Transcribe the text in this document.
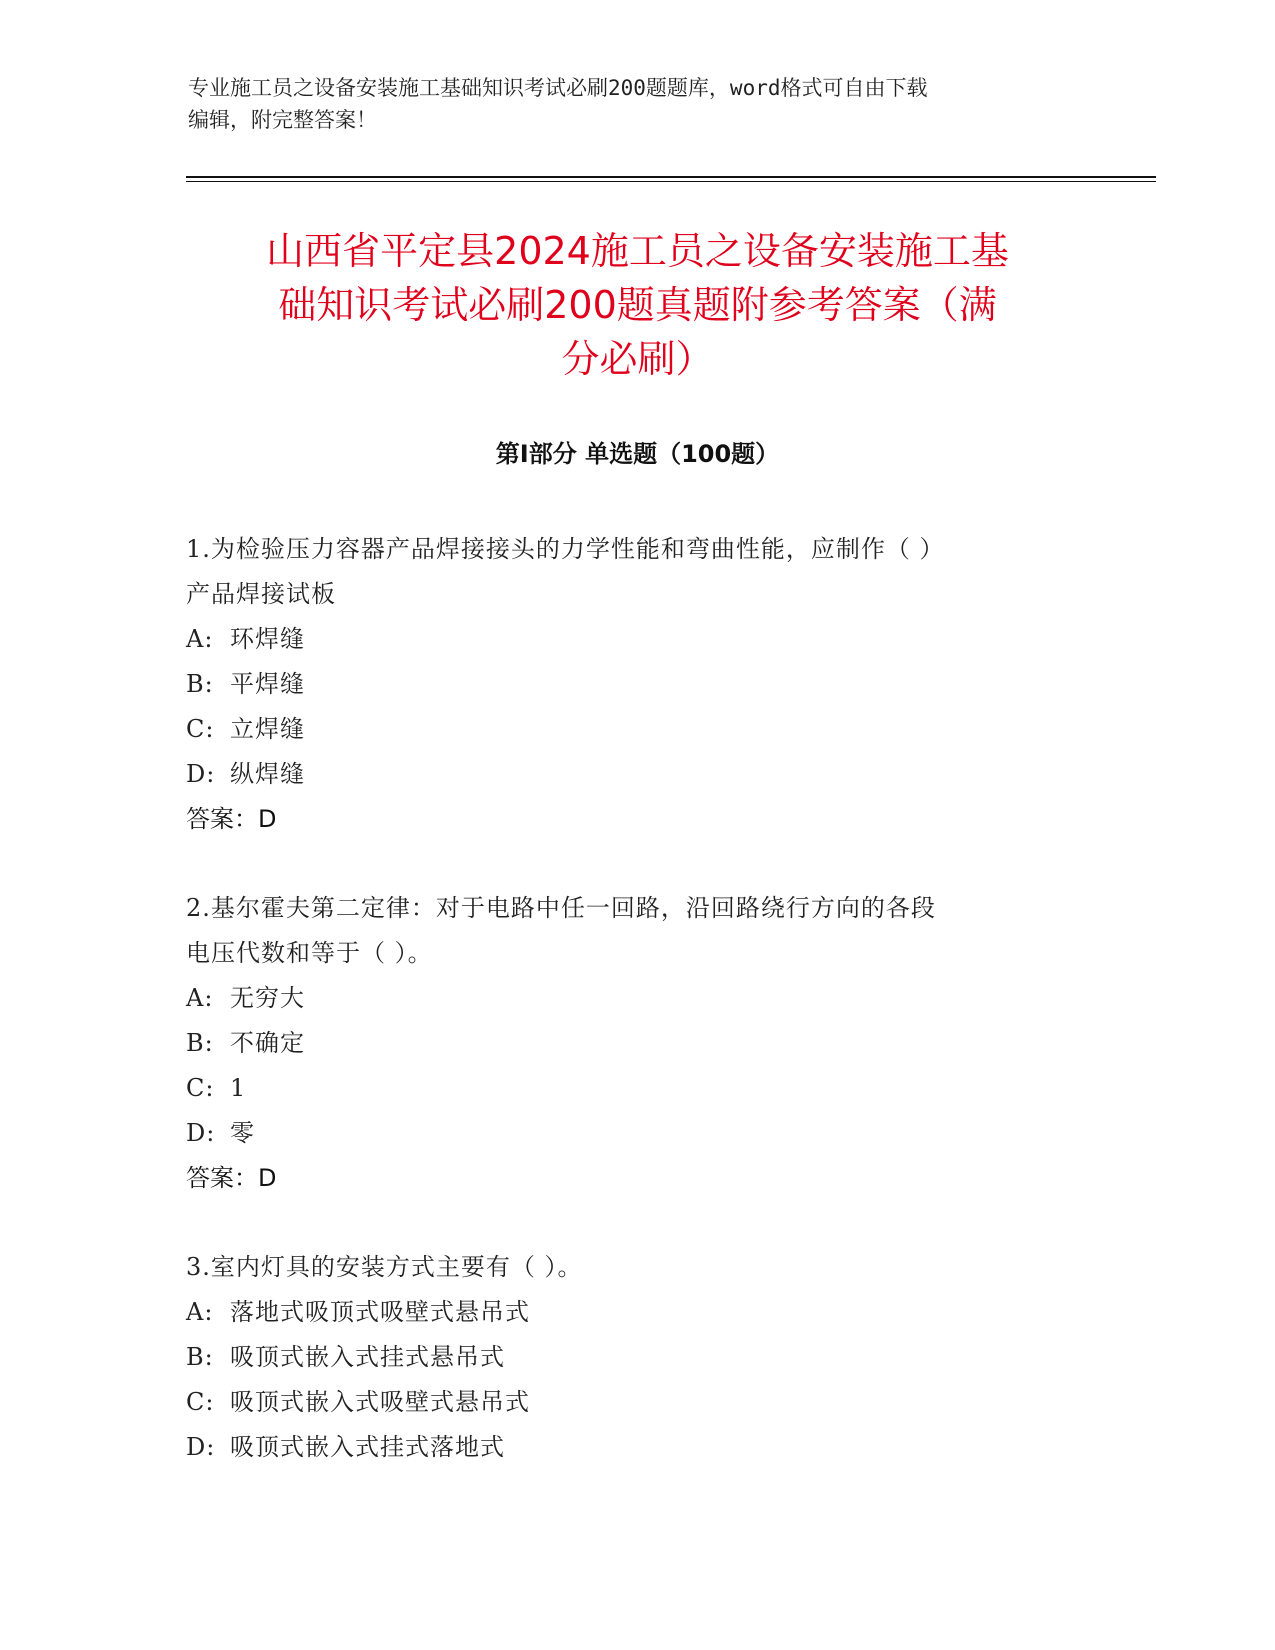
专业施工员之设备安装施工基础知识考试必刷200题题库，word格式可自由下载
编辑，附完整答案！
山西省平定县2024施工员之设备安装施工基
础知识考试必刷200题真题附参考答案（满
分必刷）
第Ⅰ部分 单选题（100题）
1.为检验压力容器产品焊接接头的力学性能和弯曲性能，应制作（ ）
产品焊接试板
A: 环焊缝
B: 平焊缝
C: 立焊缝
D: 纵焊缝
答案：D
2.基尔霍夫第二定律：对于电路中任一回路，沿回路绕行方向的各段
电压代数和等于（ ）。
A: 无穷大
B: 不确定
C: 1
D: 零
答案：D
3.室内灯具的安装方式主要有（ ）。
A: 落地式吸顶式吸壁式悬吊式
B: 吸顶式嵌入式挂式悬吊式
C: 吸顶式嵌入式吸壁式悬吊式
D: 吸顶式嵌入式挂式落地式
